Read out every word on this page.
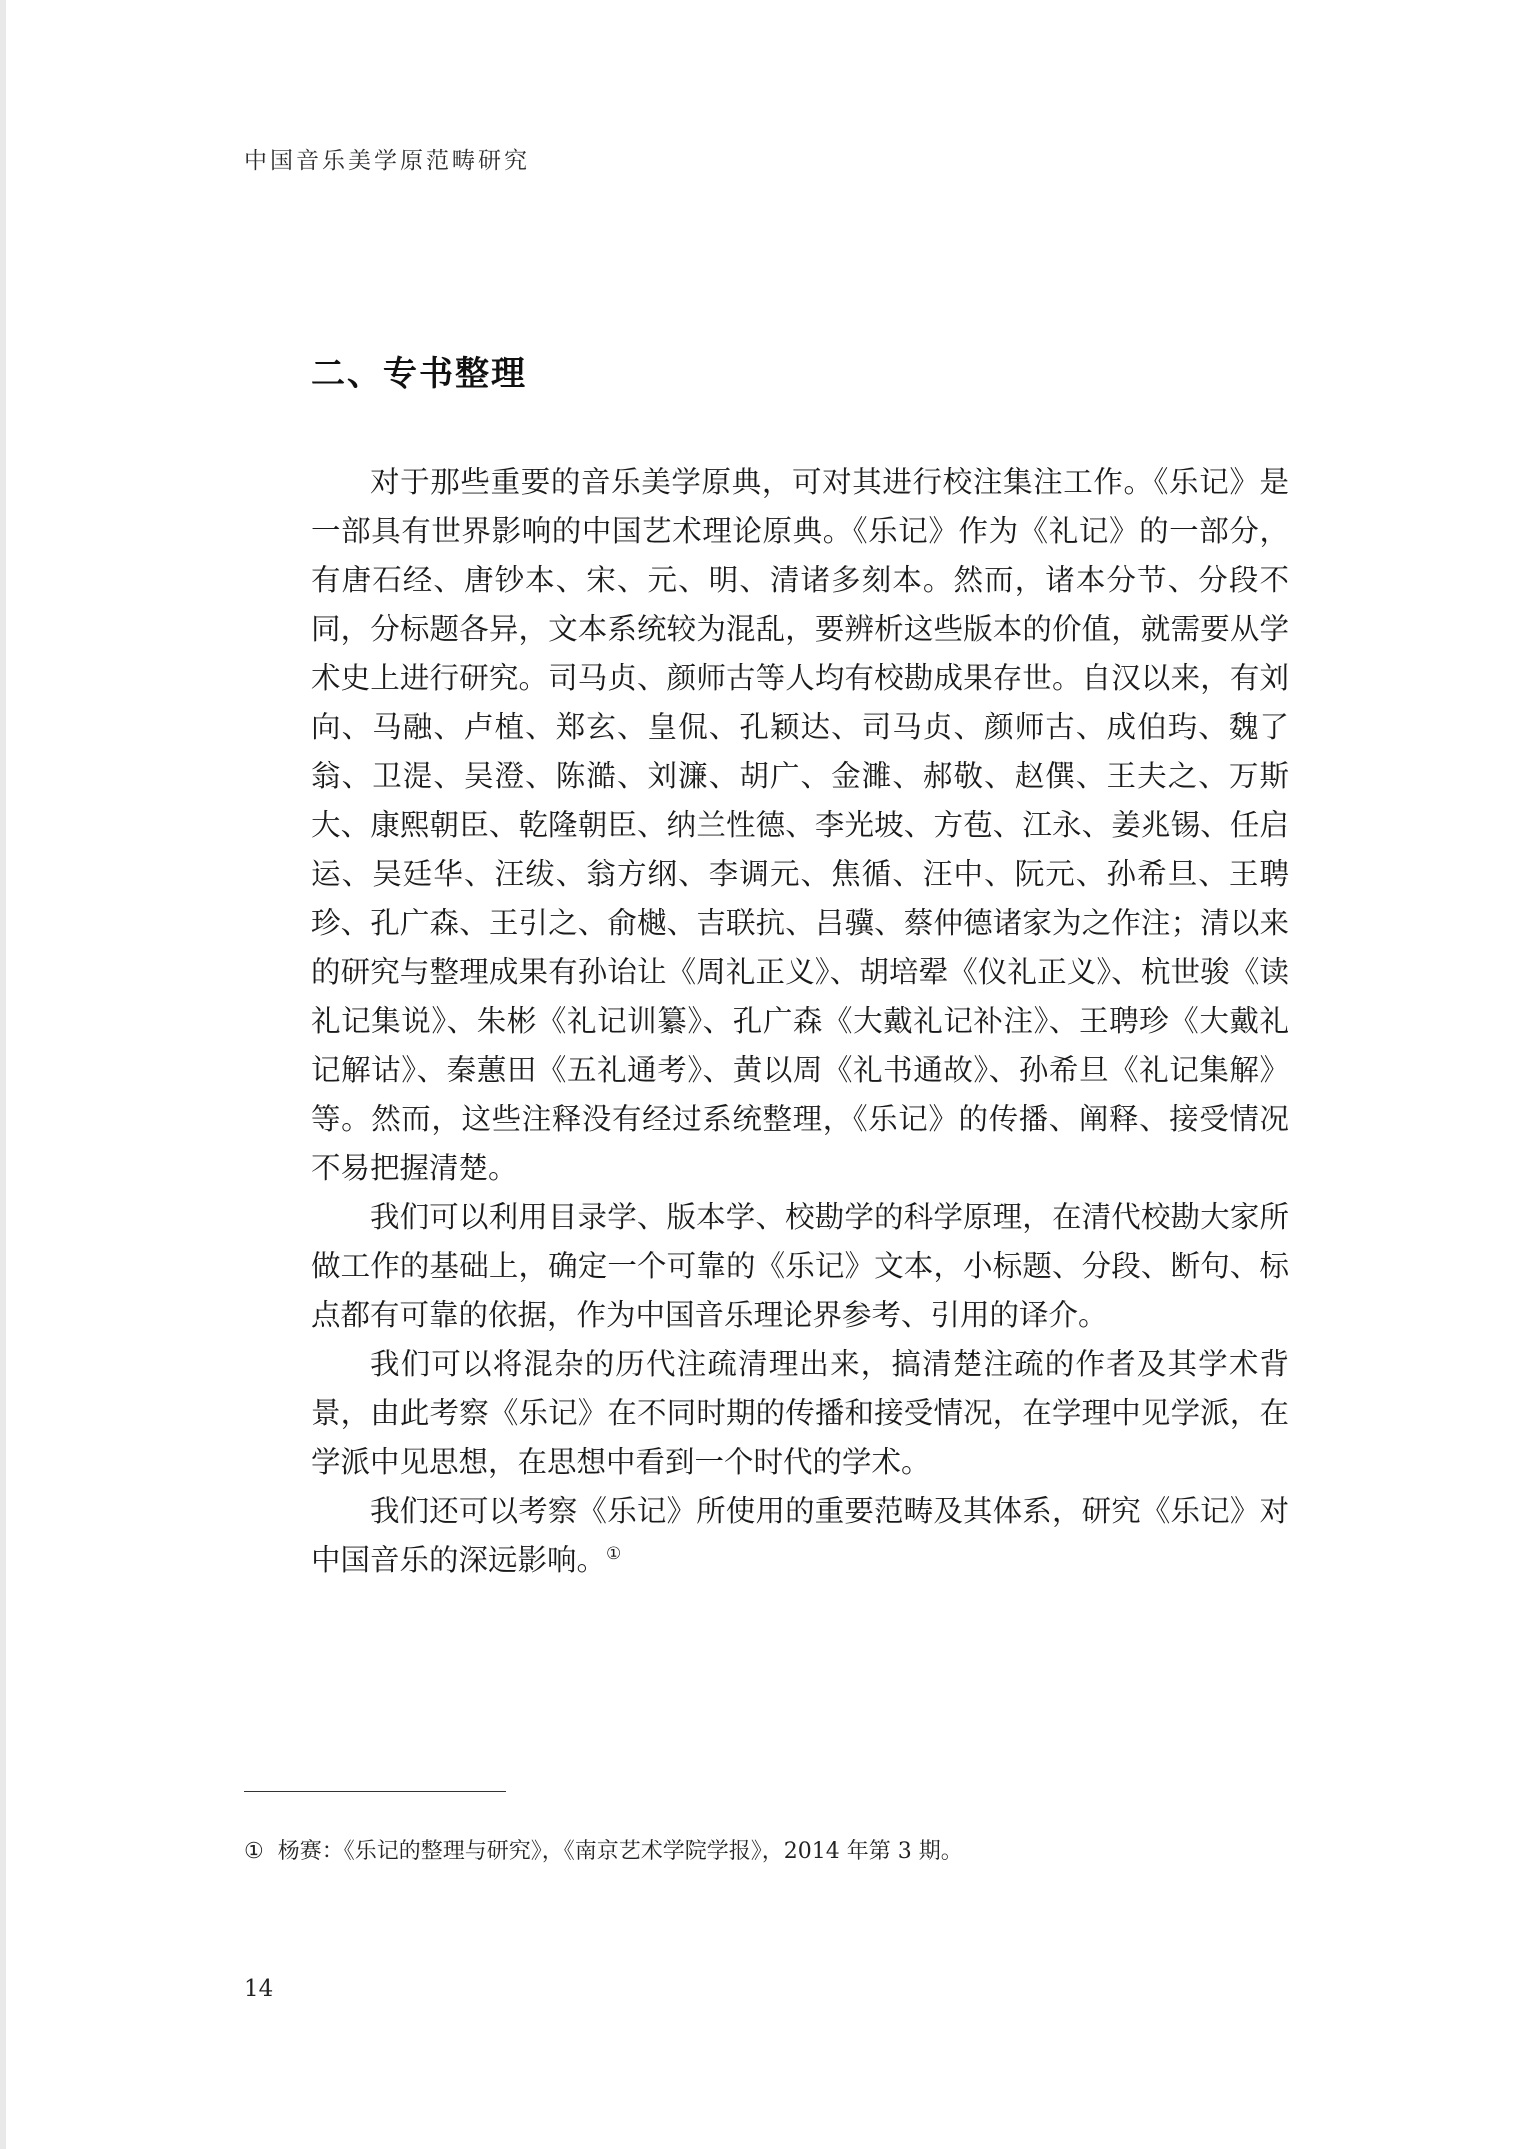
中国音乐美学原范畴研究

二、专书整理

对于那些重要的音乐美学原典，可对其进行校注集注工作。《乐记》是一部具有世界影响的中国艺术理论原典。《乐记》作为《礼记》的一部分，有唐石经、唐钞本、宋、元、明、清诸多刻本。然而，诸本分节、分段不同，分标题各异，文本系统较为混乱，要辨析这些版本的价值，就需要从学术史上进行研究。司马贞、颜师古等人均有校勘成果存世。自汉以来，有刘向、马融、卢植、郑玄、皇侃、孔颖达、司马贞、颜师古、成伯玙、魏了翁、卫湜、吴澄、陈澔、刘濂、胡广、金濉、郝敬、赵僎、王夫之、万斯大、康熙朝臣、乾隆朝臣、纳兰性德、李光坡、方苞、江永、姜兆锡、任启运、吴廷华、汪绂、翁方纲、李调元、焦循、汪中、阮元、孙希旦、王聘珍、孔广森、王引之、俞樾、吉联抗、吕骥、蔡仲德诸家为之作注；清以来的研究与整理成果有孙诒让《周礼正义》、胡培翚《仪礼正义》、杭世骏《读礼记集说》、朱彬《礼记训纂》、孔广森《大戴礼记补注》、王聘珍《大戴礼记解诂》、秦蕙田《五礼通考》、黄以周《礼书通故》、孙希旦《礼记集解》等。然而，这些注释没有经过系统整理，《乐记》的传播、阐释、接受情况不易把握清楚。

我们可以利用目录学、版本学、校勘学的科学原理，在清代校勘大家所做工作的基础上，确定一个可靠的《乐记》文本，小标题、分段、断句、标点都有可靠的依据，作为中国音乐理论界参考、引用的译介。

我们可以将混杂的历代注疏清理出来，搞清楚注疏的作者及其学术背景，由此考察《乐记》在不同时期的传播和接受情况，在学理中见学派，在学派中见思想，在思想中看到一个时代的学术。

我们还可以考察《乐记》所使用的重要范畴及其体系，研究《乐记》对中国音乐的深远影响。①

① 杨赛：《乐记的整理与研究》，《南京艺术学院学报》，2014 年第 3 期。

14
